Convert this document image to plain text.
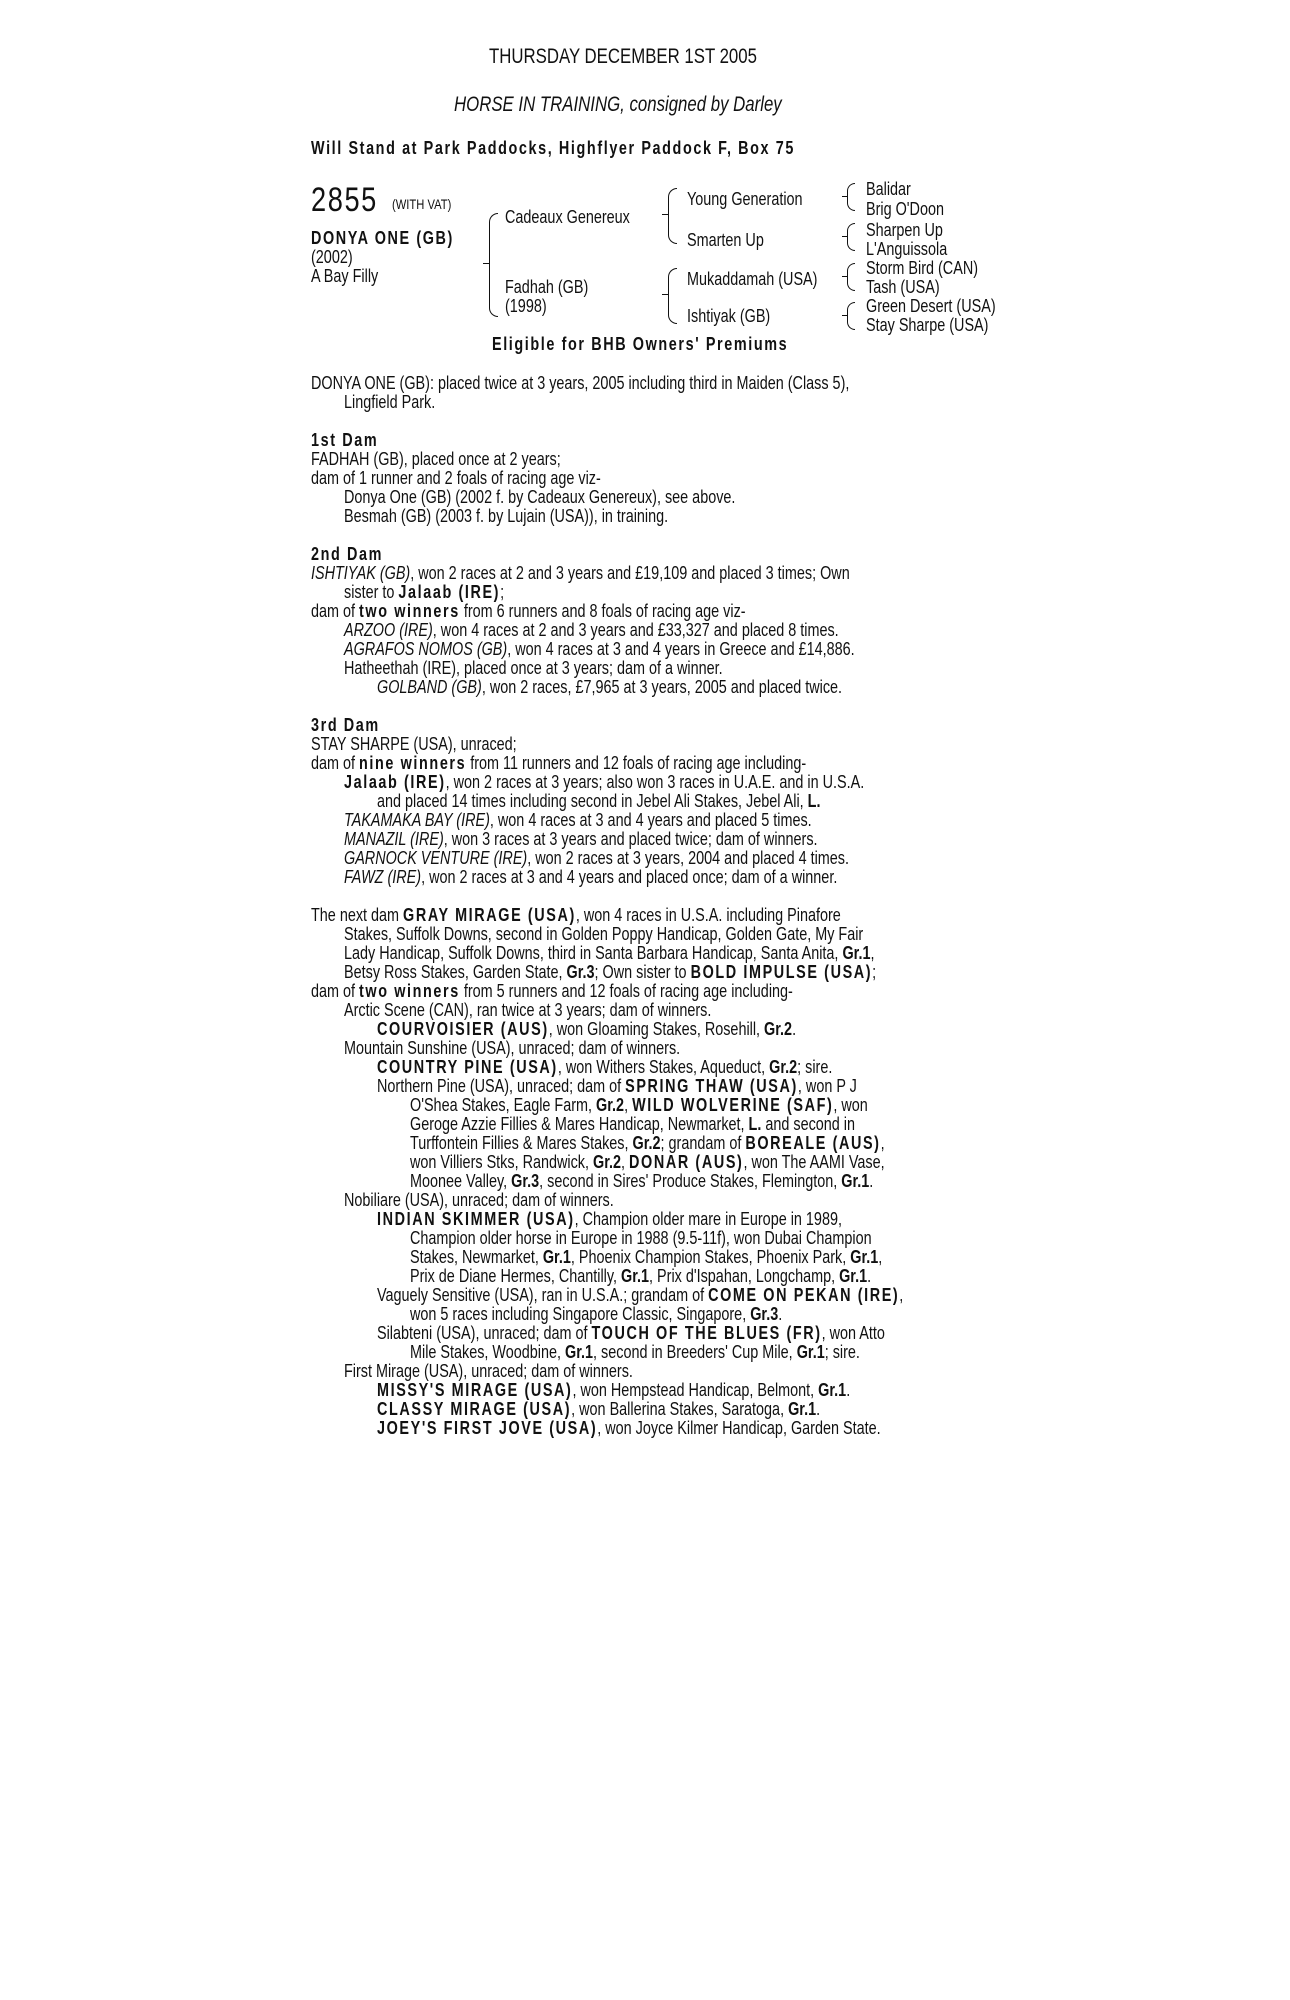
THURSDAY DECEMBER 1ST 2005
HORSE IN TRAINING, consigned by Darley
Will Stand at Park Paddocks, Highflyer Paddock F, Box 75
2855	(WITH VAT)
DONYA ONE (GB)
(2002)
A Bay Filly
Cadeaux Genereux
Fadhah (GB)
(1998)
Young Generation
Smarten Up
Mukaddamah (USA)
Ishtiyak (GB)
Balidar
Brig O'Doon
Sharpen Up
L'Anguissola
Storm Bird (CAN)
Tash (USA)
Green Desert (USA)
Stay Sharpe (USA)
Eligible for BHB Owners' Premiums
DONYA ONE (GB): placed twice at 3 years, 2005 including third in Maiden (Class 5),
Lingfield Park.
1st Dam
FADHAH (GB), placed once at 2 years;
dam of 1 runner and 2 foals of racing age viz-
Donya One (GB) (2002 f. by Cadeaux Genereux), see above.
Besmah (GB) (2003 f. by Lujain (USA)), in training.
2nd Dam
ISHTIYAK (GB), won 2 races at 2 and 3 years and £19,109 and placed 3 times; Own
sister to Jalaab (IRE);
dam of two winners from 6 runners and 8 foals of racing age viz-
ARZOO (IRE), won 4 races at 2 and 3 years and £33,327 and placed 8 times.
AGRAFOS NOMOS (GB), won 4 races at 3 and 4 years in Greece and £14,886.
Hatheethah (IRE), placed once at 3 years; dam of a winner.
GOLBAND (GB), won 2 races, £7,965 at 3 years, 2005 and placed twice.
3rd Dam
STAY SHARPE (USA), unraced;
dam of nine winners from 11 runners and 12 foals of racing age including-
Jalaab (IRE), won 2 races at 3 years; also won 3 races in U.A.E. and in U.S.A.
and placed 14 times including second in Jebel Ali Stakes, Jebel Ali, L.
TAKAMAKA BAY (IRE), won 4 races at 3 and 4 years and placed 5 times.
MANAZIL (IRE), won 3 races at 3 years and placed twice; dam of winners.
GARNOCK VENTURE (IRE), won 2 races at 3 years, 2004 and placed 4 times.
FAWZ (IRE), won 2 races at 3 and 4 years and placed once; dam of a winner.
The next dam GRAY MIRAGE (USA), won 4 races in U.S.A. including Pinafore
Stakes, Suffolk Downs, second in Golden Poppy Handicap, Golden Gate, My Fair
Lady Handicap, Suffolk Downs, third in Santa Barbara Handicap, Santa Anita, Gr.1,
Betsy Ross Stakes, Garden State, Gr.3; Own sister to BOLD IMPULSE (USA);
dam of two winners from 5 runners and 12 foals of racing age including-
Arctic Scene (CAN), ran twice at 3 years; dam of winners.
COURVOISIER (AUS), won Gloaming Stakes, Rosehill, Gr.2.
Mountain Sunshine (USA), unraced; dam of winners.
COUNTRY PINE (USA), won Withers Stakes, Aqueduct, Gr.2; sire.
Northern Pine (USA), unraced; dam of SPRING THAW (USA), won P J
O'Shea Stakes, Eagle Farm, Gr.2, WILD WOLVERINE (SAF), won
Geroge Azzie Fillies & Mares Handicap, Newmarket, L. and second in
Turffontein Fillies & Mares Stakes, Gr.2; grandam of BOREALE (AUS),
won Villiers Stks, Randwick, Gr.2, DONAR (AUS), won The AAMI Vase,
Moonee Valley, Gr.3, second in Sires' Produce Stakes, Flemington, Gr.1.
Nobiliare (USA), unraced; dam of winners.
INDIAN SKIMMER (USA), Champion older mare in Europe in 1989,
Champion older horse in Europe in 1988 (9.5-11f), won Dubai Champion
Stakes, Newmarket, Gr.1, Phoenix Champion Stakes, Phoenix Park, Gr.1,
Prix de Diane Hermes, Chantilly, Gr.1, Prix d'Ispahan, Longchamp, Gr.1.
Vaguely Sensitive (USA), ran in U.S.A.; grandam of COME ON PEKAN (IRE),
won 5 races including Singapore Classic, Singapore, Gr.3.
Silabteni (USA), unraced; dam of TOUCH OF THE BLUES (FR), won Atto
Mile Stakes, Woodbine, Gr.1, second in Breeders' Cup Mile, Gr.1; sire.
First Mirage (USA), unraced; dam of winners.
MISSY'S MIRAGE (USA), won Hempstead Handicap, Belmont, Gr.1.
CLASSY MIRAGE (USA), won Ballerina Stakes, Saratoga, Gr.1.
JOEY'S FIRST JOVE (USA), won Joyce Kilmer Handicap, Garden State.
